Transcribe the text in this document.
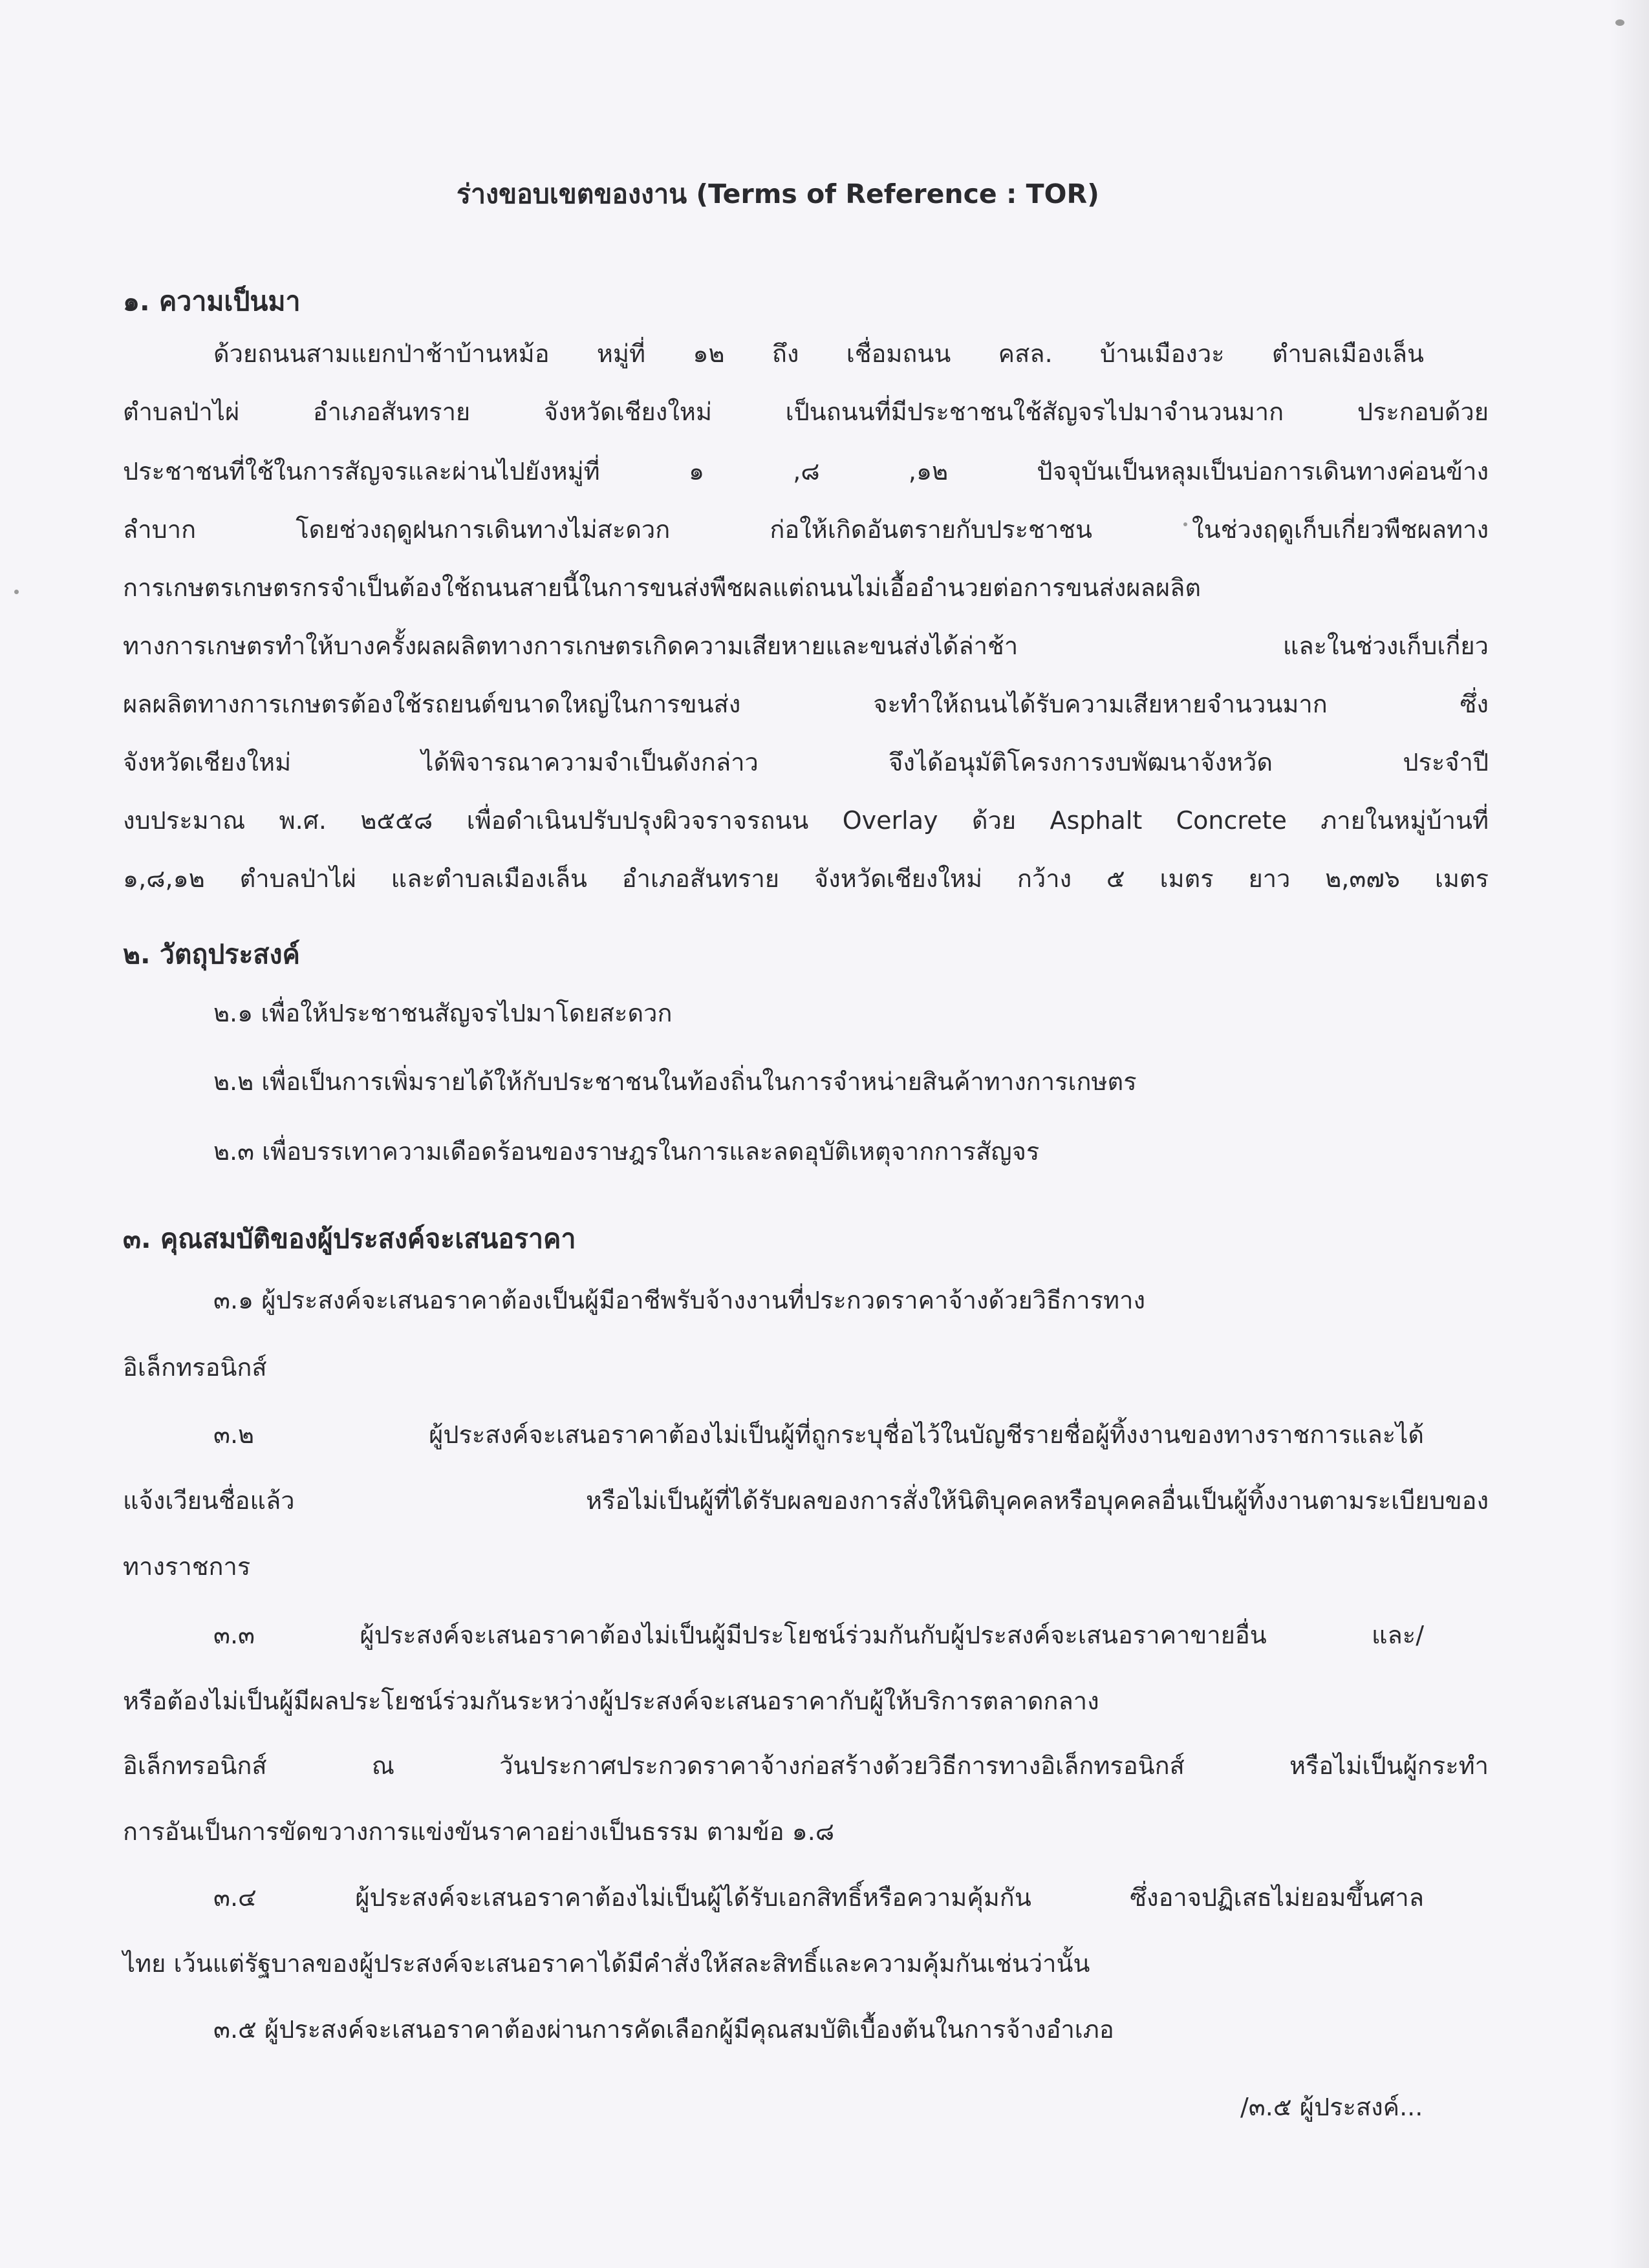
ร่างขอบเขตของงาน (Terms of Reference : TOR)
๑. ความเป็นมา
ด้วยถนนสามแยกป่าช้าบ้านหม้อ หมู่ที่ ๑๒ ถึง เชื่อมถนน คสล. บ้านเมืองวะ ตำบลเมืองเล็น
ตำบลป่าไผ่ อำเภอสันทราย จังหวัดเชียงใหม่ เป็นถนนที่มีประชาชนใช้สัญจรไปมาจำนวนมาก ประกอบด้วย
ประชาชนที่ใช้ในการสัญจรและผ่านไปยังหมู่ที่ ๑ ,๘ ,๑๒ ปัจจุบันเป็นหลุมเป็นบ่อการเดินทางค่อนข้าง
ลำบาก โดยช่วงฤดูฝนการเดินทางไม่สะดวก ก่อให้เกิดอันตรายกับประชาชน ในช่วงฤดูเก็บเกี่ยวพืชผลทาง
การเกษตรเกษตรกรจำเป็นต้องใช้ถนนสายนี้ในการขนส่งพืชผลแต่ถนนไม่เอื้ออำนวยต่อการขนส่งผลผลิต
ทางการเกษตรทำให้บางครั้งผลผลิตทางการเกษตรเกิดความเสียหายและขนส่งได้ล่าช้า และในช่วงเก็บเกี่ยว
ผลผลิตทางการเกษตรต้องใช้รถยนต์ขนาดใหญ่ในการขนส่ง จะทำให้ถนนได้รับความเสียหายจำนวนมาก ซึ่ง
จังหวัดเชียงใหม่ ได้พิจารณาความจำเป็นดังกล่าว จึงได้อนุมัติโครงการงบพัฒนาจังหวัด ประจำปี
งบประมาณ พ.ศ. ๒๕๕๘ เพื่อดำเนินปรับปรุงผิวจราจรถนน Overlay ด้วย Asphalt Concrete ภายในหมู่บ้านที่
๑,๘,๑๒ ตำบลป่าไผ่ และตำบลเมืองเล็น อำเภอสันทราย จังหวัดเชียงใหม่ กว้าง ๕ เมตร ยาว ๒,๓๗๖ เมตร
๒. วัตถุประสงค์
๒.๑ เพื่อให้ประชาชนสัญจรไปมาโดยสะดวก
๒.๒ เพื่อเป็นการเพิ่มรายได้ให้กับประชาชนในท้องถิ่นในการจำหน่ายสินค้าทางการเกษตร
๒.๓ เพื่อบรรเทาความเดือดร้อนของราษฎรในการและลดอุบัติเหตุจากการสัญจร
๓. คุณสมบัติของผู้ประสงค์จะเสนอราคา
๓.๑ ผู้ประสงค์จะเสนอราคาต้องเป็นผู้มีอาชีพรับจ้างงานที่ประกวดราคาจ้างด้วยวิธีการทาง
อิเล็กทรอนิกส์
๓.๒ ผู้ประสงค์จะเสนอราคาต้องไม่เป็นผู้ที่ถูกระบุชื่อไว้ในบัญชีรายชื่อผู้ทิ้งงานของทางราชการและได้
แจ้งเวียนชื่อแล้ว หรือไม่เป็นผู้ที่ได้รับผลของการสั่งให้นิติบุคคลหรือบุคคลอื่นเป็นผู้ทิ้งงานตามระเบียบของ
ทางราชการ
๓.๓ ผู้ประสงค์จะเสนอราคาต้องไม่เป็นผู้มีประโยชน์ร่วมกันกับผู้ประสงค์จะเสนอราคาขายอื่น และ/
หรือต้องไม่เป็นผู้มีผลประโยชน์ร่วมกันระหว่างผู้ประสงค์จะเสนอราคากับผู้ให้บริการตลาดกลาง
อิเล็กทรอนิกส์ ณ วันประกาศประกวดราคาจ้างก่อสร้างด้วยวิธีการทางอิเล็กทรอนิกส์ หรือไม่เป็นผู้กระทำ
การอันเป็นการขัดขวางการแข่งขันราคาอย่างเป็นธรรม ตามข้อ ๑.๘
๓.๔ ผู้ประสงค์จะเสนอราคาต้องไม่เป็นผู้ได้รับเอกสิทธิ์หรือความคุ้มกัน ซึ่งอาจปฏิเสธไม่ยอมขึ้นศาล
ไทย เว้นแต่รัฐบาลของผู้ประสงค์จะเสนอราคาได้มีคำสั่งให้สละสิทธิ์และความคุ้มกันเช่นว่านั้น
๓.๕ ผู้ประสงค์จะเสนอราคาต้องผ่านการคัดเลือกผู้มีคุณสมบัติเบื้องต้นในการจ้างอำเภอ
/๓.๕ ผู้ประสงค์...
